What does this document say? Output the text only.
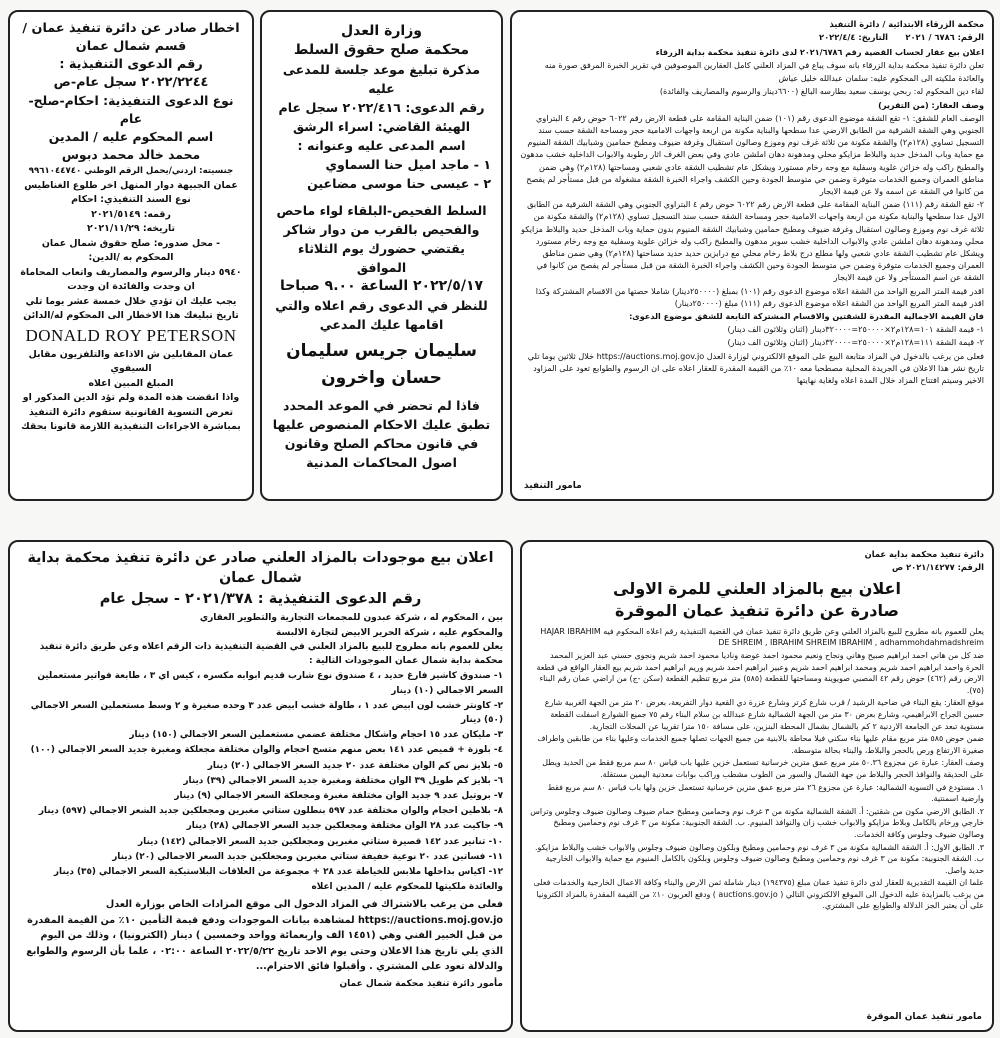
محكمة الزرقاء الابتدائية / دائرة التنفيذ

الرقم: ٦٧٨٦ / ٢٠٢١      التاريخ: ٢٠٢٢/٤/٤

اعلان بيع عقار لحساب القضية رقم ٢٠٢١/٦٧٨٦ لدى دائرة تنفيذ محكمة بداية الزرقاء

تعلن دائرة تنفيذ محكمة بداية الزرقاء بانه سوف يباع في المزاد العلني كامل العقارين الموصوفين في تقرير الخبرة المرفق صورة منه

والعائدة ملكيته الى المحكوم عليه: سلمان عبدالله خليل عياش

لقاء دين المحكوم له: ربحي يوسف سعيد بطارسه البالغ (٦٦٠٠دينار والرسوم والمصاريف والفائدة)

وصف العقار: (من التقرير)

الوصف العام للشقق: ١- تقع الشقة موضوع الدعوى رقم (١٠١) ضمن البناية المقامة على قطعة الارض رقم ٦٠٢٢ حوض رقم ٤ البتراوي الجنوبي وهي الشقة الشرقية من الطابق الارضي عدا سطحها والبناية مكونة من اربعة واجهات الامامية حجر ومساحة الشقة حسب سند التسجيل تساوي (١٢٨م٢) والشقة مكونة من ثلاثة غرف نوم وموزع وصالون استقبال وغرفة ضيوف ومطبخ حمامين وشبابيك الشقة المنيوم مع حماية وباب المدخل حديد والبلاط مزايكو محلي ومدهونة دهان املشن عادي وفي بعض الغرف اثار رطوبة والابواب الداخلية خشب مدهون والمطبخ راكب وله خزائن علوية وسفلية مع وجه رخام مستورد ويشكل عام تشطيب الشقة عادي شعبي ومساحتها (١٢٨م٢) وهي ضمن مناطق العمران وجميع الخدمات متوفرة وضمن حي متوسط الجودة وحين الكشف واجراء الخبرة الشقة مشغولة من قبل مستأجر لم يفصح من كانوا في الشقة عن اسمه ولا عن قيمة الايجار

٢- تقع الشقة رقم (١١١) ضمن البناية المقامة على قطعة الارض رقم ٦٠٢٢ حوض رقم ٤ البتراوي الجنوبي وهي الشقة الشرقية من الطابق الاول عدا سطحها والبناية مكونة من اربعة واجهات الامامية حجر ومساحة الشقة حسب سند التسجيل تساوي (١٢٨م٢) والشقة مكونة من ثلاثة غرف نوم وموزع وصالون استقبال وغرفة ضيوف ومطبخ حمامين وشبابيك الشقة المنيوم بدون حماية وباب المدخل حديد والبلاط مزايكو محلي ومدهونة دهان املشن عادي والابواب الداخلية خشب سوبر مدهون والمطبخ راكب وله خزائن علوية وسفلية مع وجه رخام مستورد ويشكل عام تشطيب الشقة عادي شعبي ولها مطلع درج بلاط رخام محلي مع درابزين حديد حديد مساحتها (١٢٨م٢) وهي ضمن مناطق العمران وجميع الخدمات متوفرة وضمن حي متوسط الجودة وحين الكشف واجراء الخبرة الشقة من قبل مستأجر لم يفصح من كانوا في الشقة عن اسم المستأجر ولا عن قيمة الايجار

اقدر قيمة المتر المربع الواحد من الشقة اعلاه موضوع الدعوى رقم (١٠١) بمبلغ (٢٥٠٠٠٠دينار) شاملا حصتها من الاقسام المشتركة وكذا اقدر قيمة المتر المربع الواحد من الشقة اعلاه موضوع الدعوى رقم (١١١) مبلغ (٢٥٠٠٠٠دينار)

فان القيمة الاجمالية المقدرة للشقتين والاقسام المشتركة التابعة للشقق موضوع الدعوى:

١- قيمة الشقة ١٠١=١٢٨م٢×٢٥٠٠٠٠=٣٢٠٠٠٠دينار (اثنان وثلاثون الف دينار)

٢- قيمة الشقة ١١١=١٢٨م٢×٢٥٠٠٠٠=٣٢٠٠٠٠دينار (اثنان وثلاثون الف دينار)

فعلى من يرغب بالدخول في المزاد متابعة البيع على الموقع الالكتروني لوزارة العدل https://auctions.moj.gov.jo خلال ثلاثين يوما تلي تاريخ نشر هذا الاعلان في الجريدة المحلية مصطحبا معه ١٠٪ من القيمة المقدرة للعقار اعلاه على ان الرسوم والطوابع تعود على المزاود الاخير وسيتم افتتاح المزاد خلال المدة اعلاه ولغاية نهايتها

مامور التنفيذ

وزارة العدل

محكمة صلح حقوق السلط

مذكرة تبليغ موعد جلسة للمدعى عليه

رقم الدعوى: ٢٠٢٢/٤١٦ سجل عام

الهيئة القاضي: اسراء الرشق

اسم المدعى عليه وعنوانه :

١ - ماجد اميل حنا السماوي

٢ - عيسى حنا موسى مضاعين

السلط الفحيص-البلقاء لواء ماحص والفحيص بالقرب من دوار شاكر

يقتضي حضورك يوم الثلاثاء الموافق

٢٠٢٢/٥/١٧ الساعة ٩.٠٠ صباحا

للنظر في الدعوى رقم اعلاه والتي اقامها عليك المدعي

سليمان جريس سليمان حسان واخرون

فاذا لم تحضر في الموعد المحدد تطبق عليك الاحكام المنصوص عليها في قانون محاكم الصلح وقانون اصول المحاكمات المدنية

اخطار صادر عن دائرة تنفيذ عمان /قسم شمال عمان

رقم الدعوى التنفيذية :

٢٠٢٢/٢٢٤٤ سجل عام-ص

نوع الدعوى التنفيذية: احكام-صلح-عام

اسم المحكوم عليه / المدين

محمد خالد محمد دبوس

جنسيته: اردني/يحمل الرقم الوطني ٩٩٦١٠٤٤٧٤٠

عمان الجبيهة دوار المنهل اخر طلوع الغناطيس

نوع السند التنفيذي: احكام

رقمه: ٢٠٢١/٥١٤٩

تاريخه: ٢٠٢١/١١/٢٩

- محل صدوره: صلح حقوق شمال عمان

المحكوم به /الدين:

٥٩٤٠ دينار والرسوم والمصاريف واتعاب المحاماة ان وجدت والفائدة ان وجدت

يجب عليك ان تؤدي خلال خمسة عشر يوما تلي تاريخ تبليغك هذا الاخطار الى المحكوم له/الدائن

DONALD ROY PETERSON

عمان المقابلين ش الاذاعة والتلفزيون مقابل السيفوي

المبلغ المبين اعلاه

واذا انقضت هذه المدة ولم تؤد الدين المذكور او تعرض التسوية القانونية ستقوم دائرة التنفيذ بمباشرة الاجراءات التنفيذية اللازمة قانونا بحقك

دائرة تنفيذ محكمة بداية عمان

الرقم: ٢٠٢١/١٤٢٧٧ ص

اعلان بيع بالمزاد العلني للمرة الاولى

صادرة عن دائرة تنفيذ عمان الموقرة

يعلن للعموم بانه مطروح للبيع بالمزاد العلني وعن طريق دائرة تنفيذ عمان في القضية التنفيذية رقم اعلاه المحكوم فيه HAJAR IBRAHIM DE SHREIM , IBRAHIM SHREIM IBRAHIM , adhammohdahmadshreim

ضد كل من هاني احمد ابراهيم صبيح وهاني ونجاح ونعيم محمود احمد عوضة وناديا محمود احمد شريم ونجوى حسني عبد العزيز المحمد الحرة واحمد ابراهيم احمد شريم ومحمد ابراهيم احمد شريم وعبير ابراهيم احمد شريم وريم ابراهيم احمد شريم بيع العقار الواقع في قطعة الارض رقم (٤٦٢) حوض رقم ٤٢ المصبي صويوينة ومساحتها للقطعة (٥٨٥) متر مربع تنظيم القطعة (سكن -ج) من اراضي عمان رقم البناء (٧٥).

موقع العقار: يقع البناء في ضاحية الرشيد / قرب شارع كرتر وشارع عزرة دي القعية دوار التفريعة، بعرض ٢٠ متر من الجهة الغربية شارع حسين الجراح الابراهيمي، وشارع بعرض ٣٠ متر من الجهة الشمالية شارع عبدالله بن سلام البناء رقم ٧٥ جميع الشوارع اسفلت القطعة مستوية تبعد عن الجامعة الاردنية ٢ كم بالشمال بشمال المحطة البنزين، على مسافة ١٥٠ مترا تقريبا عن المحلات التجارية.

ضمن حوض ٥٨٥ متر مربع مقام عليها بناء سكني فيلا محاطة بالابنية من جميع الجهات تصلها جميع الخدمات وعليها بناء من طابقين واطراف صغيرة الارتفاع ورص بالحجر والبلاط، والبناء بحالة متوسطة.

وصف العقار: عبارة عن مجزوع ٥٠.٣٦ متر مربع عمق مترين خرسانية تستعمل خزين عليها باب قياس ٨٠ سم مربع فقط من الحديد ويطل على الحديقة والنوافذ الحجر والبلاط من جهة الشمال والسور من الطوب مشطب وراكب بوابات معدنية اليمين مستقلة.

١. مستودع في التسوية الشمالية: عبارة عن مجزوع ٢٦ متر مربع عمق مترين خرسانية تستعمل خزين ولها باب قياس ٨٠ سم مربع فقط وارضية اسمنتية.

٢. الطابق الارضي مكون من شقتين: أ. الشقة الشمالية مكونة من ٣ غرف نوم وحمامين ومطبخ حمام ضيوف وصالون ضيوف وجلوس وتراس خارجي ورخام بالكامل وبلاط مزايكو والابواب خشب زان والنوافذ المنيوم. ب. الشقة الجنوبية: مكونة من ٣ غرف نوم وحمامين ومطبخ وصالون ضيوف وجلوس وكافة الخدمات.

٣. الطابق الاول: أ. الشقة الشمالية مكونة من ٣ غرف نوم وحمامين ومطبخ وبلكون وصالون ضيوف وجلوس والابواب خشب والبلاط مزايكو. ب. الشقة الجنوبية: مكونة من ٣ غرف نوم وحمامين ومطبخ وصالون ضيوف وجلوس وبلكون بالكامل المنيوم مع حماية والابواب الخارجية حديد واصل.

علما ان القيمة التقديرية للعقار لدى دائرة تنفيذ عمان مبلغ (١٩٤٣٧٥) دينار شاملة ثمن الارض والبناء وكافة الاعمال الخارجية والخدمات فعلى من يرغب بالمزايدة عليه الدخول الى الموقع الالكتروني التالي ( auctions.gov.jo ) ودفع العربون ١٠٪ من القيمة المقدرة بالمزاد الكترونيا على أن يعتبر الجز الدلالة والطوابع على المشتري.

مامور تنفيذ عمان الموقرة

اعلان بيع موجودات بالمزاد العلني صادر عن دائرة تنفيذ محكمة بداية شمال عمان

رقم الدعوى التنفيذية : ٢٠٢١/٣٧٨ - سجل عام

بين ، المحكوم له ، شركة عبدون للمجمعات التجارية والتطوير العقاري

والمحكوم عليه ، شركة الحرير الابيض لتجارة الالبسة

يعلن للعموم بانه مطروح للبيع بالمزاد العلني في القضية التنفيذية ذات الرقم اعلاه وعن طريق دائرة تنفيذ محكمة بداية شمال عمان الموجودات التالية :

١- صندوق كاشير فارغ حديد ، ٤ صندوق نوع شارب قديم ابوابه مكسره ، كيس اي ٣ ، طابعة فواتير مستعملين السعر الاجمالي (١٠) دينار

٢- كاونتر خشب لون ابيض عدد ١ ، طاولة خشب ابيض عدد ٣ وحده صغيرة و ٢ وسط مستعملين السعر الاجمالي (٥٠) دينار

٣- مليكان عدد ١٥ احجام واشكال مختلفة عضمي مستعملين السعر الاجمالي (١٥٠) دينار

٤- بلوزة + قميص عدد ١٤١ بعض منهم متسخ احجام والوان مختلفة مجعلكة ومغبرة جديد السعر الاجمالي (١٠٠)

٥- بلايز نص كم الوان مختلفة عدد ٢٠ جديد السعر الاجمالي (٢٠) دينار

٦- بلايز كم طويل ٣٩ الوان مختلفة ومغبرة جديد السعر الاجمالي (٣٩) دينار

٧- بروتيل عدد ٩ جديد الوان مختلفة مغبرة ومجعلكة السعر الاجمالي (٩) دينار

٨- بلاطين احجام والوان مختلفة عدد ٥٩٧ بنطلون ستاتي مغبرين ومجعلكين جديد الشعر الاجمالي (٥٩٧) دينار

٩- جاكيت عدد ٢٨ الوان مختلفة ومجعلكين جديد السعر الاجمالي (٢٨) دينار

١٠- تنانير عدد ١٤٢ قصيرة ستاتي مغبرين ومجعلكين جديد السعر الاجمالي (١٤٢) دينار

١١- فساتين عدد ٢٠ نوعية خفيفة ستاتي مغبرين ومجعلكين جديد السعر الاجمالي (٢٠) دينار

١٢- اكياس بداخلها ملابس للخياطة عدد ٢٨ + مجموعة من العلاقات البلاستيكية السعر الاجمالي (٣٥) دينار

والعائدة ملكيتها للمحكوم عليه / المدين اعلاه

فعلى من يرغب بالاشتراك في المزاد الدخول الى موقع المزادات الخاص بوزارة العدل https://auctions.moj.gov.jo لمشاهدة بيانات الموجودات ودفع قيمة التأمين ١٠٪ من القيمة المقدرة من قبل الخبير الفني وهي (١٤٥١ الف واربعمائة وواحد وخمسين ) دينار (الكترونيا) ، وذلك من اليوم الذي يلي تاريخ هذا الاعلان وحتى يوم الاحد تاريخ ٢٠٢٢/٥/٢٢ الساعة ٠٢:٠٠ ، علما بأن الرسوم والطوابع والدلالة تعود على المشتري . وأقبلوا فائق الاحترام...

مأمور دائرة تنفيذ محكمة شمال عمان
